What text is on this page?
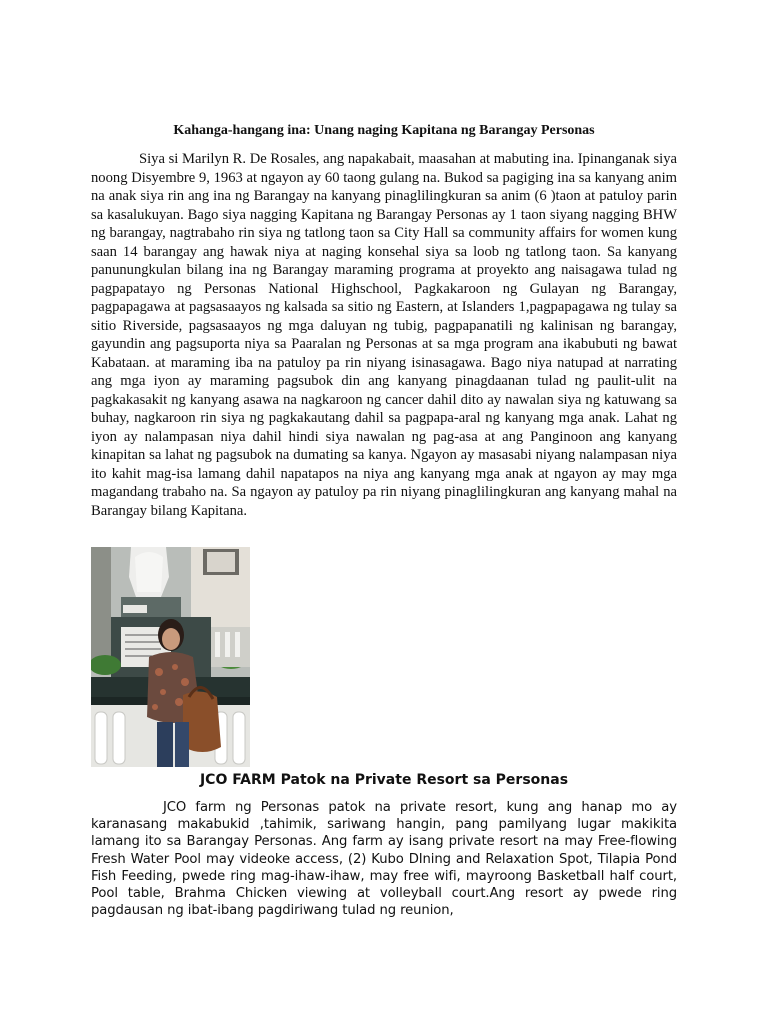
Kahanga-hangang ina: Unang naging Kapitana ng Barangay Personas

Siya si Marilyn R. De Rosales, ang napakabait, maasahan at mabuting ina. Ipinanganak siya noong Disyembre 9, 1963 at ngayon ay 60 taong gulang na. Bukod sa pagiging ina sa kanyang anim na anak siya rin ang ina ng Barangay na kanyang pinaglilingkuran sa anim (6 )taon at patuloy parin sa kasalukuyan. Bago siya nagging Kapitana ng Barangay Personas ay 1 taon siyang nagging BHW ng barangay, nagtrabaho rin siya ng tatlong taon sa City Hall sa community affairs for women kung saan 14 barangay ang hawak niya at naging konsehal siya sa loob ng tatlong taon. Sa kanyang panunungkulan bilang ina ng Barangay maraming programa at proyekto ang naisagawa tulad ng pagpapatayo ng Personas National Highschool, Pagkakaroon ng Gulayan ng Barangay, pagpapagawa at pagsasaayos ng kalsada sa sitio ng Eastern, at Islanders 1,pagpapagawa ng tulay sa sitio Riverside, pagsasaayos ng mga daluyan ng tubig, pagpapanatili ng kalinisan ng barangay, gayundin ang pagsuporta niya sa Paaralan ng Personas at sa mga program ana ikabubuti ng bawat Kabataan. at maraming iba na patuloy pa rin niyang isinasagawa. Bago niya natupad at narrating ang mga iyon ay maraming pagsubok din ang kanyang pinagdaanan tulad ng paulit-ulit na pagkakasakit ng kanyang asawa na nagkaroon ng cancer dahil dito ay nawalan siya ng katuwang sa buhay, nagkaroon rin siya ng pagkakautang dahil sa pagpapa-aral ng kanyang mga anak. Lahat ng iyon ay nalampasan niya dahil hindi siya nawalan ng pag-asa at ang Panginoon ang kanyang kinapitan sa lahat ng pagsubok na dumating sa kanya. Ngayon ay masasabi niyang nalampasan niya ito kahit mag-isa lamang dahil napatapos na niya ang kanyang mga anak at ngayon ay may mga magandang trabaho na. Sa ngayon ay patuloy pa rin niyang pinaglilingkuran ang kanyang mahal na Barangay bilang Kapitana.

JCO FARM Patok na Private Resort sa Personas

JCO farm ng Personas patok na private resort, kung ang hanap mo ay karanasang makabukid ,tahimik, sariwang hangin, pang pamilyang lugar makikita lamang ito sa Barangay Personas. Ang farm ay isang private resort na may Free-flowing Fresh Water Pool may videoke access, (2) Kubo DIning and Relaxation Spot, Tilapia Pond Fish Feeding, pwede ring mag-ihaw-ihaw, may free wifi, mayroong Basketball half court, Pool table, Brahma Chicken viewing at volleyball court.Ang resort ay pwede ring pagdausan ng ibat-ibang pagdiriwang tulad ng reunion,
